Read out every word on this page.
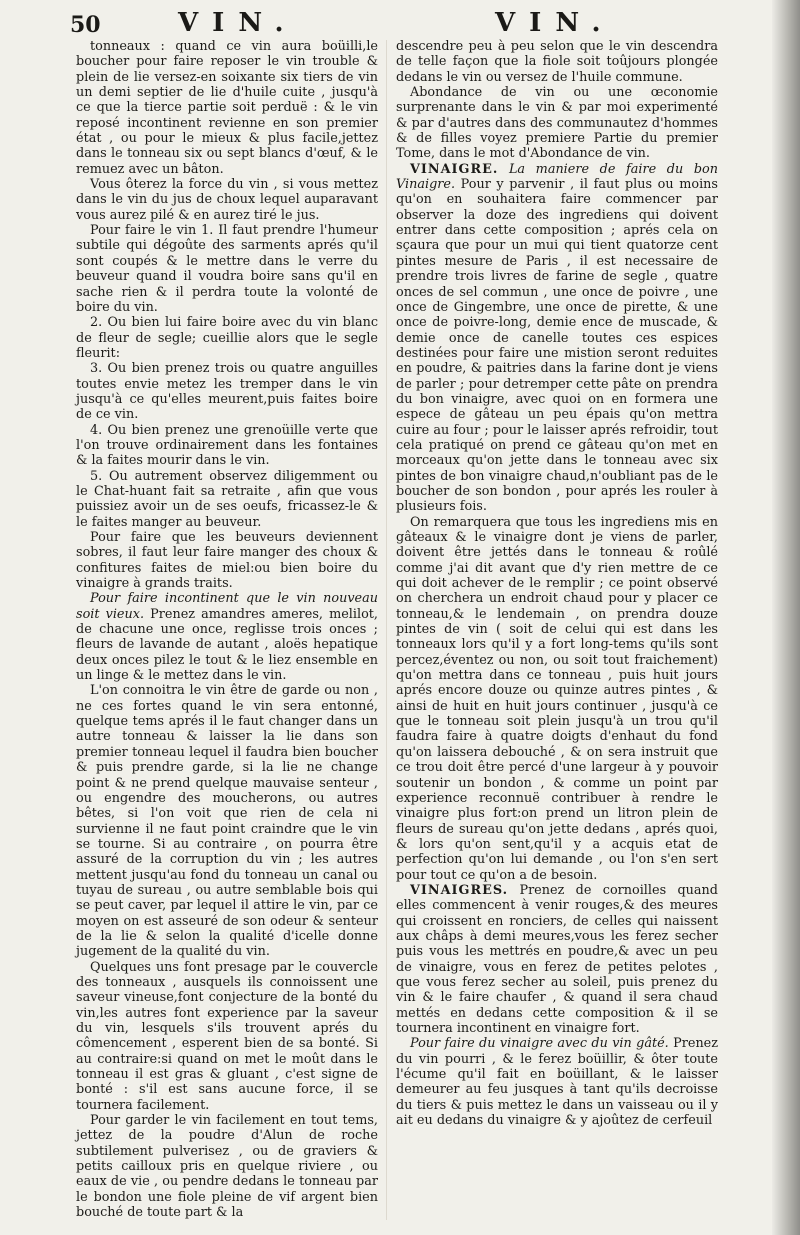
50	VIN.	VIN.

tonneaux : quand ce vin aura boüilli,le boucher pour faire reposer le vin trouble & plein de lie versez-en soixante six tiers de vin un demi septier de lie d'huile cuite , jusqu'à ce que la tierce partie soit perduë : & le vin reposé incontinent revienne en son premier état , ou pour le mieux & plus facile,jettez dans le tonneau six ou sept blancs d'œuf, & le remuez avec un bâton.

Vous ôterez la force du vin , si vous mettez dans le vin du jus de choux lequel auparavant vous aurez pilé & en aurez tiré le jus.

Pour faire le vin 1. Il faut prendre l'humeur subtile qui dégoûte des sarments aprés qu'il sont coupés & le mettre dans le verre du beuveur quand il voudra boire sans qu'il en sache rien & il perdra toute la volonté de boire du vin.

2. Ou bien lui faire boire avec du vin blanc de fleur de segle; cueillie alors que le segle fleurit:

3. Ou bien prenez trois ou quatre anguilles toutes envie metez les tremper dans le vin jusqu'à ce qu'elles meurent,puis faites boire de ce vin.

4. Ou bien prenez une grenoüille verte que l'on trouve ordinairement dans les fontaines & la faites mourir dans le vin.

5. Ou autrement observez diligemment ou le Chat-huant fait sa retraite , afin que vous puissiez avoir un de ses oeufs, fricassez-le & le faites manger au beuveur.

Pour faire que les beuveurs deviennent sobres, il faut leur faire manger des choux & confitures faites de miel:ou bien boire du vinaigre à grands traits.

Pour faire incontinent que le vin nouveau soit vieux. Prenez amandres ameres, melilot, de chacune une once, reglisse trois onces ; fleurs de lavande de autant , aloës hepatique deux onces pilez le tout & le liez ensemble en un linge & le mettez dans le vin.

L'on connoitra le vin être de garde ou non , ne ces fortes quand le vin sera entonné, quelque tems aprés il le faut changer dans un autre tonneau & laisser la lie dans son premier tonneau lequel il faudra bien boucher & puis prendre garde, si la lie ne change point & ne prend quelque mauvaise senteur , ou engendre des moucherons, ou autres bêtes, si l'on voit que rien de cela ni survienne il ne faut point craindre que le vin se tourne. Si au contraire , on pourra être assuré de la corruption du vin ; les autres mettent jusqu'au fond du tonneau un canal ou tuyau de sureau , ou autre semblable bois qui se peut caver, par lequel il attire le vin, par ce moyen on est asseuré de son odeur & senteur de la lie & selon la qualité d'icelle donne jugement de la qualité du vin.

Quelques uns font presage par le couvercle des tonneaux , ausquels ils connoissent une saveur vineuse,font conjecture de la bonté du vin,les autres font experience par la saveur du vin, lesquels s'ils trouvent aprés du cômencement , esperent bien de sa bonté. Si au contraire:si quand on met le moût dans le tonneau il est gras & gluant , c'est signe de bonté : s'il est sans aucune force, il se tournera facilement.

Pour garder le vin facilement en tout tems, jettez de la poudre d'Alun de roche subtilement pulverisez , ou de graviers & petits cailloux pris en quelque riviere , ou eaux de vie , ou pendre dedans le tonneau par le bondon une fiole pleine de vif argent bien bouché de toute part & la

descendre peu à peu selon que le vin descendra de telle façon que la fiole soit toûjours plongée dedans le vin ou versez de l'huile commune.

Abondance de vin ou une œconomie surprenante dans le vin & par moi experimenté & par d'autres dans des communautez d'hommes & de filles voyez premiere Partie du premier Tome, dans le mot d'Abondance de vin.

VINAIGRE. La maniere de faire du bon Vinaigre. Pour y parvenir , il faut plus ou moins qu'on en souhaitera faire commencer par observer la doze des ingrediens qui doivent entrer dans cette composition ; aprés cela on sçaura que pour un mui qui tient quatorze cent pintes mesure de Paris , il est necessaire de prendre trois livres de farine de segle , quatre onces de sel commun , une once de poivre , une once de Gingembre, une once de pirette, & une once de poivre-long, demie ence de muscade, & demie once de canelle toutes ces espices destinées pour faire une mistion seront reduites en poudre, & paitries dans la farine dont je viens de parler ; pour detremper cette pâte on prendra du bon vinaigre, avec quoi on en formera une espece de gâteau un peu épais qu'on mettra cuire au four ; pour le laisser aprés refroidir, tout cela pratiqué on prend ce gâteau qu'on met en morceaux qu'on jette dans le tonneau avec six pintes de bon vinaigre chaud,n'oubliant pas de le boucher de son bondon , pour aprés les rouler à plusieurs fois.

On remarquera que tous les ingrediens mis en gâteaux & le vinaigre dont je viens de parler, doivent être jettés dans le tonneau & roûlé comme j'ai dit avant que d'y rien mettre de ce qui doit achever de le remplir ; ce point observé on cherchera un endroit chaud pour y placer ce tonneau,& le lendemain , on prendra douze pintes de vin ( soit de celui qui est dans les tonneaux lors qu'il y a fort long-tems qu'ils sont percez,éventez ou non, ou soit tout fraichement) qu'on mettra dans ce tonneau , puis huit jours aprés encore douze ou quinze autres pintes , & ainsi de huit en huit jours continuer , jusqu'à ce que le tonneau soit plein jusqu'à un trou qu'il faudra faire à quatre doigts d'enhaut du fond qu'on laissera debouché , & on sera instruit que ce trou doit être percé d'une largeur à y pouvoir soutenir un bondon , & comme un point par experience reconnuë contribuer à rendre le vinaigre plus fort:on prend un litron plein de fleurs de sureau qu'on jette dedans , aprés quoi, & lors qu'on sent,qu'il y a acquis etat de perfection qu'on lui demande , ou l'on s'en sert pour tout ce qu'on a de besoin.

VINAIGRES. Prenez de cornoilles quand elles commencent à venir rouges,& des meures qui croissent en ronciers, de celles qui naissent aux châps à demi meures,vous les ferez secher puis vous les mettrés en poudre,& avec un peu de vinaigre, vous en ferez de petites pelotes , que vous ferez secher au soleil, puis prenez du vin & le faire chaufer , & quand il sera chaud mettés en dedans cette composition & il se tournera incontinent en vinaigre fort.

Pour faire du vinaigre avec du vin gâté. Prenez du vin pourri , & le ferez boüillir, & ôter toute l'écume qu'il fait en boüillant, & le laisser demeurer au feu jusques à tant qu'ils decroisse du tiers & puis mettez le dans un vaisseau ou il y ait eu dedans du vinaigre & y ajoûtez de cerfeuil
